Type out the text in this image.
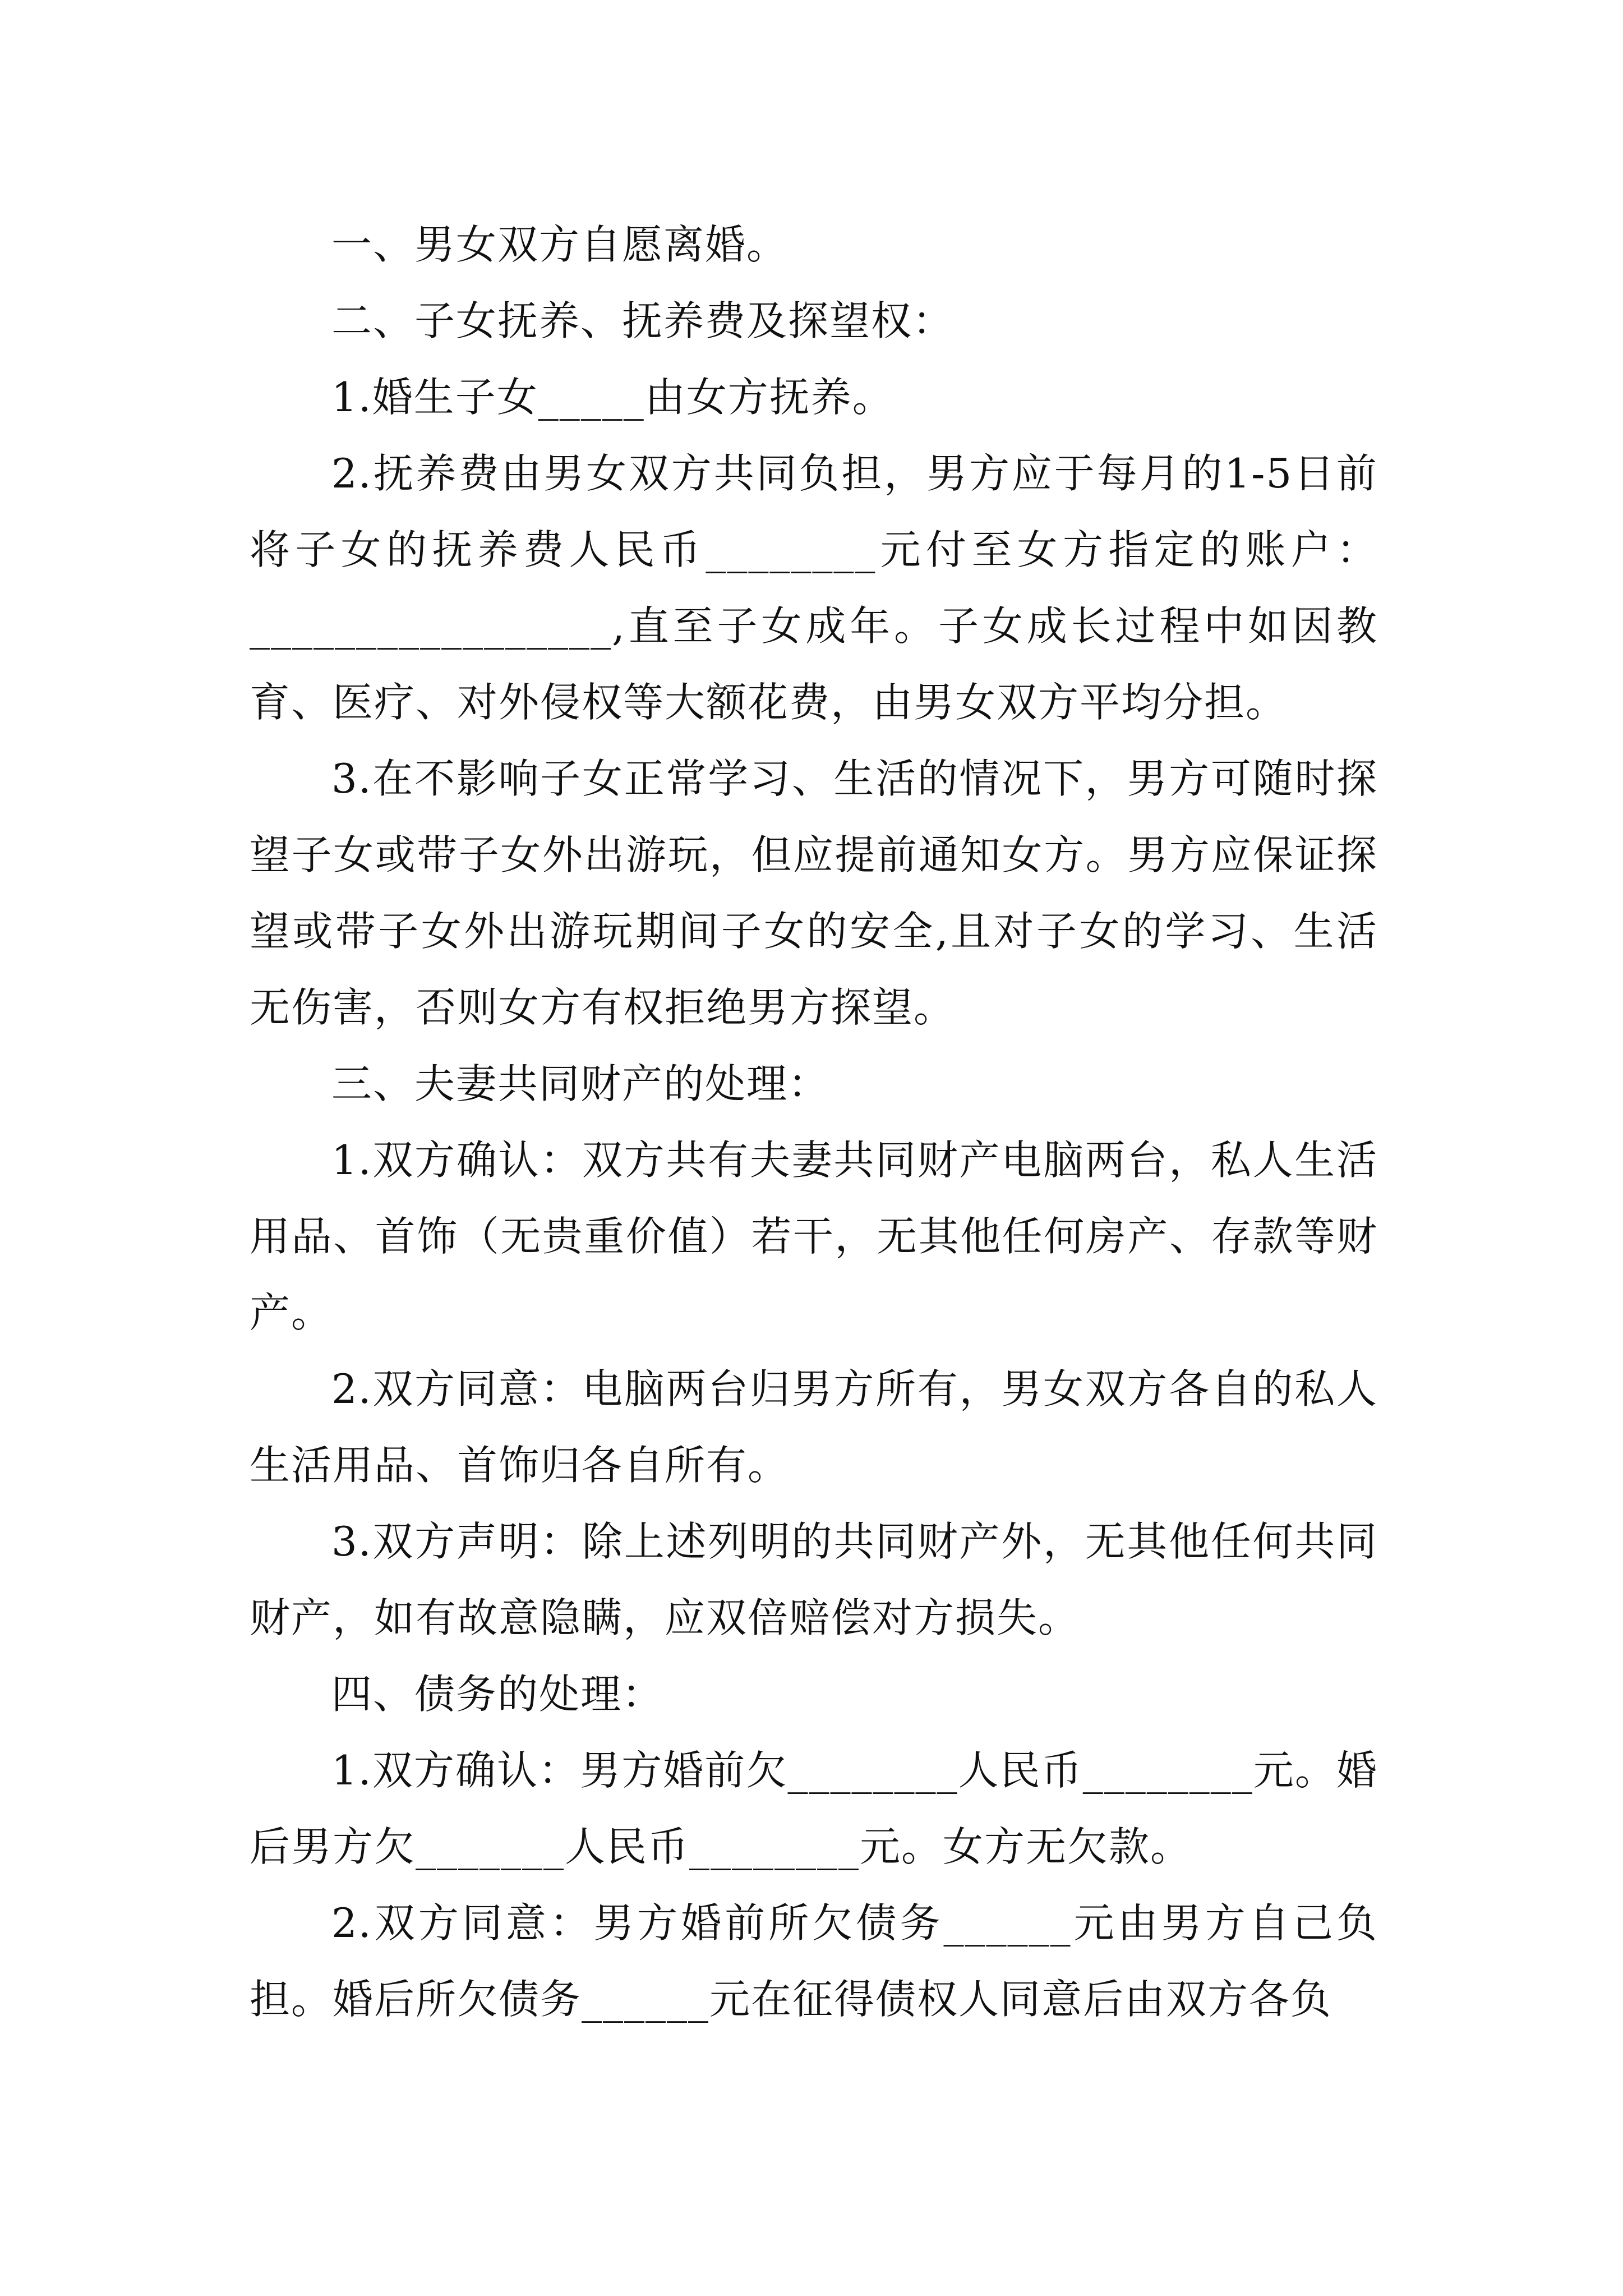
一、男女双方自愿离婚。

二、子女抚养、抚养费及探望权：

1.婚生子女_____由女方抚养。

2.抚养费由男女双方共同负担，男方应于每月的1-5日前将子女的抚养费人民币________元付至女方指定的账户：_________________,直至子女成年。子女成长过程中如因教育、医疗、对外侵权等大额花费，由男女双方平均分担。

3.在不影响子女正常学习、生活的情况下，男方可随时探望子女或带子女外出游玩，但应提前通知女方。男方应保证探望或带子女外出游玩期间子女的安全,且对子女的学习、生活无伤害，否则女方有权拒绝男方探望。

三、夫妻共同财产的处理：

1.双方确认：双方共有夫妻共同财产电脑两台，私人生活用品、首饰（无贵重价值）若干，无其他任何房产、存款等财产。

2.双方同意：电脑两台归男方所有，男女双方各自的私人生活用品、首饰归各自所有。

3.双方声明：除上述列明的共同财产外，无其他任何共同财产，如有故意隐瞒，应双倍赔偿对方损失。

四、债务的处理：

1.双方确认：男方婚前欠________人民币________元。婚后男方欠_______人民币________元。女方无欠款。

2.双方同意：男方婚前所欠债务______元由男方自己负担。婚后所欠债务______元在征得债权人同意后由双方各负
